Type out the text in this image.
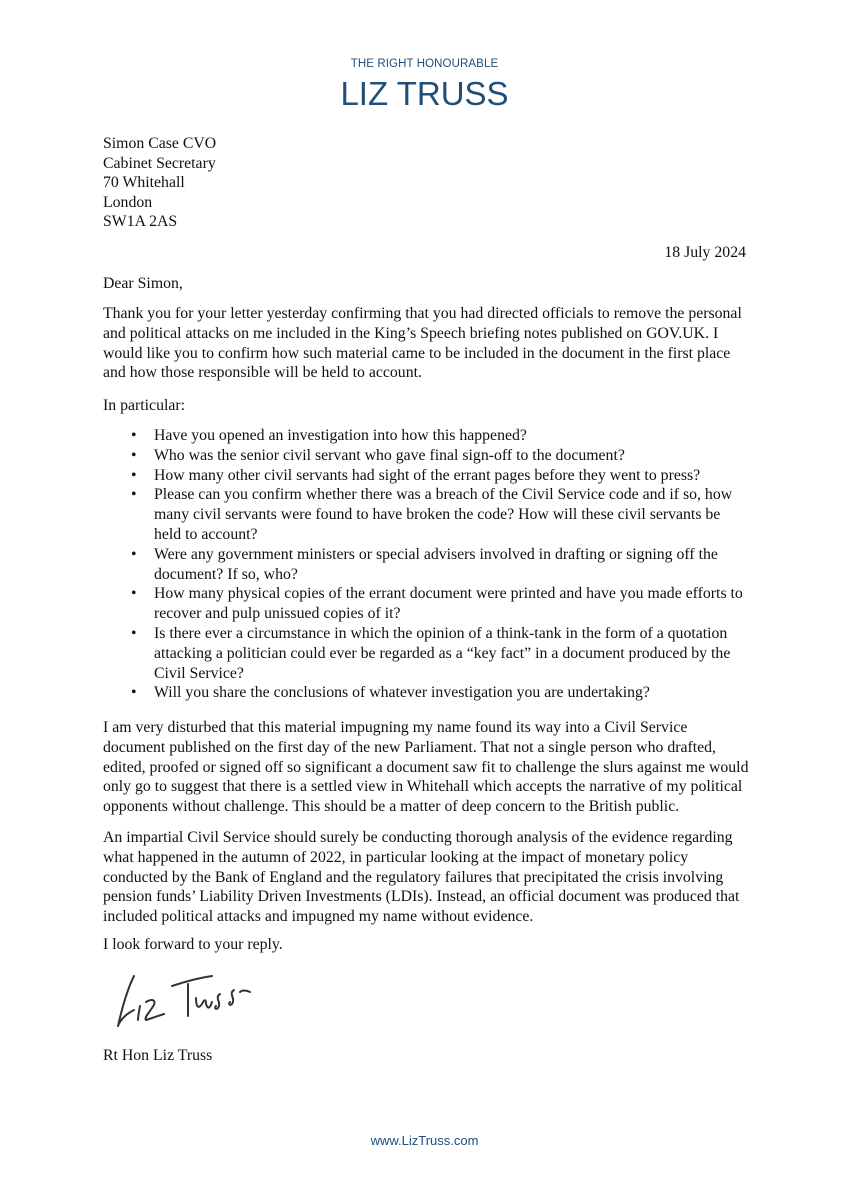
THE RIGHT HONOURABLE
LIZ TRUSS
Simon Case CVO
Cabinet Secretary
70 Whitehall
London
SW1A 2AS
18 July 2024

Dear Simon,

Thank you for your letter yesterday confirming that you had directed officials to remove the personal and political attacks on me included in the King’s Speech briefing notes published on GOV.UK. I would like you to confirm how such material came to be included in the document in the first place and how those responsible will be held to account.

In particular:

• Have you opened an investigation into how this happened?
• Who was the senior civil servant who gave final sign-off to the document?
• How many other civil servants had sight of the errant pages before they went to press?
• Please can you confirm whether there was a breach of the Civil Service code and if so, how many civil servants were found to have broken the code? How will these civil servants be held to account?
• Were any government ministers or special advisers involved in drafting or signing off the document? If so, who?
• How many physical copies of the errant document were printed and have you made efforts to recover and pulp unissued copies of it?
• Is there ever a circumstance in which the opinion of a think-tank in the form of a quotation attacking a politician could ever be regarded as a “key fact” in a document produced by the Civil Service?
• Will you share the conclusions of whatever investigation you are undertaking?

I am very disturbed that this material impugning my name found its way into a Civil Service document published on the first day of the new Parliament. That not a single person who drafted, edited, proofed or signed off so significant a document saw fit to challenge the slurs against me would only go to suggest that there is a settled view in Whitehall which accepts the narrative of my political opponents without challenge. This should be a matter of deep concern to the British public.

An impartial Civil Service should surely be conducting thorough analysis of the evidence regarding what happened in the autumn of 2022, in particular looking at the impact of monetary policy conducted by the Bank of England and the regulatory failures that precipitated the crisis involving pension funds’ Liability Driven Investments (LDIs). Instead, an official document was produced that included political attacks and impugned my name without evidence.

I look forward to your reply.

Rt Hon Liz Truss
www.LizTruss.com
